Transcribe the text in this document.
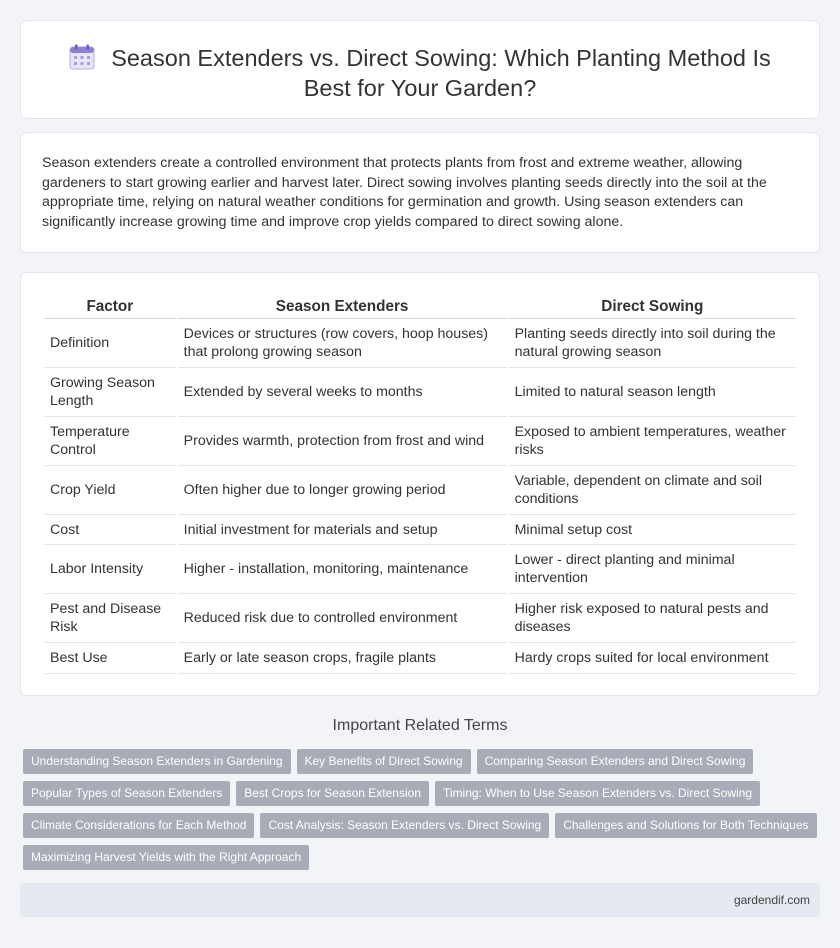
Season Extenders vs. Direct Sowing: Which Planting Method Is Best for Your Garden?

Season extenders create a controlled environment that protects plants from frost and extreme weather, allowing gardeners to start growing earlier and harvest later. Direct sowing involves planting seeds directly into the soil at the appropriate time, relying on natural weather conditions for germination and growth. Using season extenders can significantly increase growing time and improve crop yields compared to direct sowing alone.

Factor	Season Extenders	Direct Sowing
Definition	Devices or structures (row covers, hoop houses) that prolong growing season	Planting seeds directly into soil during the natural growing season
Growing Season Length	Extended by several weeks to months	Limited to natural season length
Temperature Control	Provides warmth, protection from frost and wind	Exposed to ambient temperatures, weather risks
Crop Yield	Often higher due to longer growing period	Variable, dependent on climate and soil conditions
Cost	Initial investment for materials and setup	Minimal setup cost
Labor Intensity	Higher - installation, monitoring, maintenance	Lower - direct planting and minimal intervention
Pest and Disease Risk	Reduced risk due to controlled environment	Higher risk exposed to natural pests and diseases
Best Use	Early or late season crops, fragile plants	Hardy crops suited for local environment
Important Related Terms
Understanding Season Extenders in Gardening Key Benefits of Direct Sowing Comparing Season Extenders and Direct Sowing
Popular Types of Season Extenders Best Crops for Season Extension Timing: When to Use Season Extenders vs. Direct Sowing
Climate Considerations for Each Method Cost Analysis: Season Extenders vs. Direct Sowing Challenges and Solutions for Both Techniques
Maximizing Harvest Yields with the Right Approach
gardendif.com
